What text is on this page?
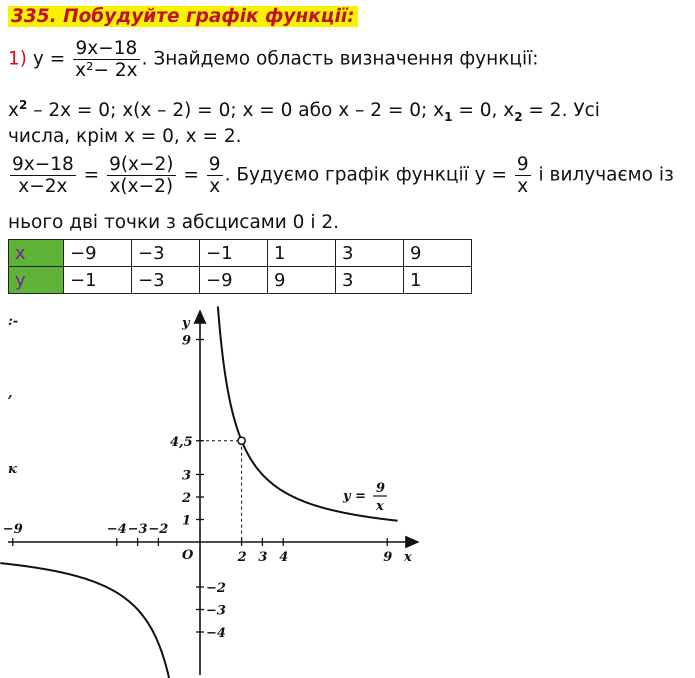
335. Побудуйте графік функції:
1) $y = \frac{9x-18}{\text{x²− 2x}}$ . Знайдемо область визначення функції:
$x^2 - 2x = 0$; x(x – 2) = 0; x = 0 або x – 2 = 0; $x_1 = 0$, $x_2 = 2$. Усі
числа, крім x = 0, x = 2.
$\frac{9x-18}{x-2x} = \frac{9(x-2)}{x(x-2)} = \frac{9}{x}$ . Будуємо графік функції $y = \frac{9}{x}$ і вилучаємо із
нього дві точки з абсцисами 0 і 2.
x	−9	−3	−1	1	3	9
y	−1	−3	−9	9	3	1
:-
,
к
x
y
O
−9	−4 −3 −2
2 3 4	9
9
4,5
3
2
1
−2
−3
−4
y =
9
x
